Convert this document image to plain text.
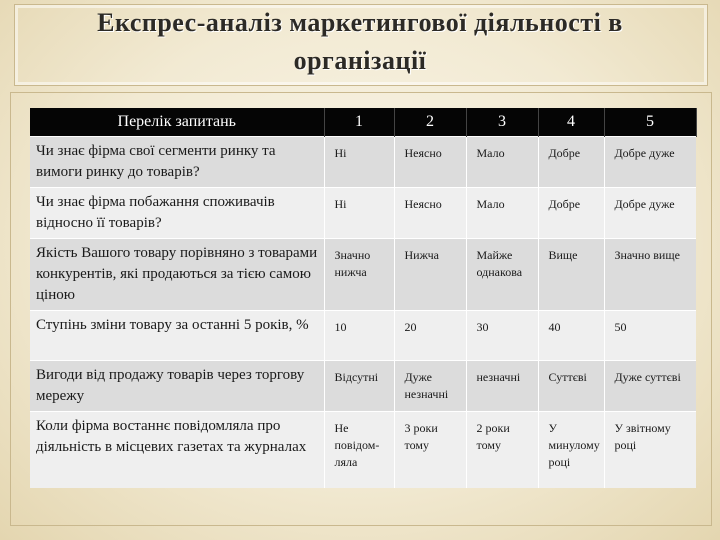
Експрес-аналіз маркетингової діяльності в організації
Перелік запитань	1	2	3	4	5
Чи знає фірма свої сегменти ринку та вимоги ринку до товарів?	Ні	Неясно	Мало	Добре	Добре дуже
Чи знає фірма побажання споживачів відносно її товарів?	Ні	Неясно	Мало	Добре	Добре дуже
Якість Вашого товару порівняно з товарами конкурентів, які продаються за тією самою ціною	Значно нижча	Нижча	Майже однакова	Вище	Значно вище
Ступінь зміни товару за останні 5 років, %	10	20	30	40	50
Вигоди від продажу товарів через торгову мережу	Відсутні	Дуже незначні	незначні	Суттєві	Дуже суттєві
Коли фірма востаннє повідомляла про діяльність в місцевих газетах та журналах	Не повідом-ляла	3 роки тому	2 роки тому	У минулому році	У звітному році
